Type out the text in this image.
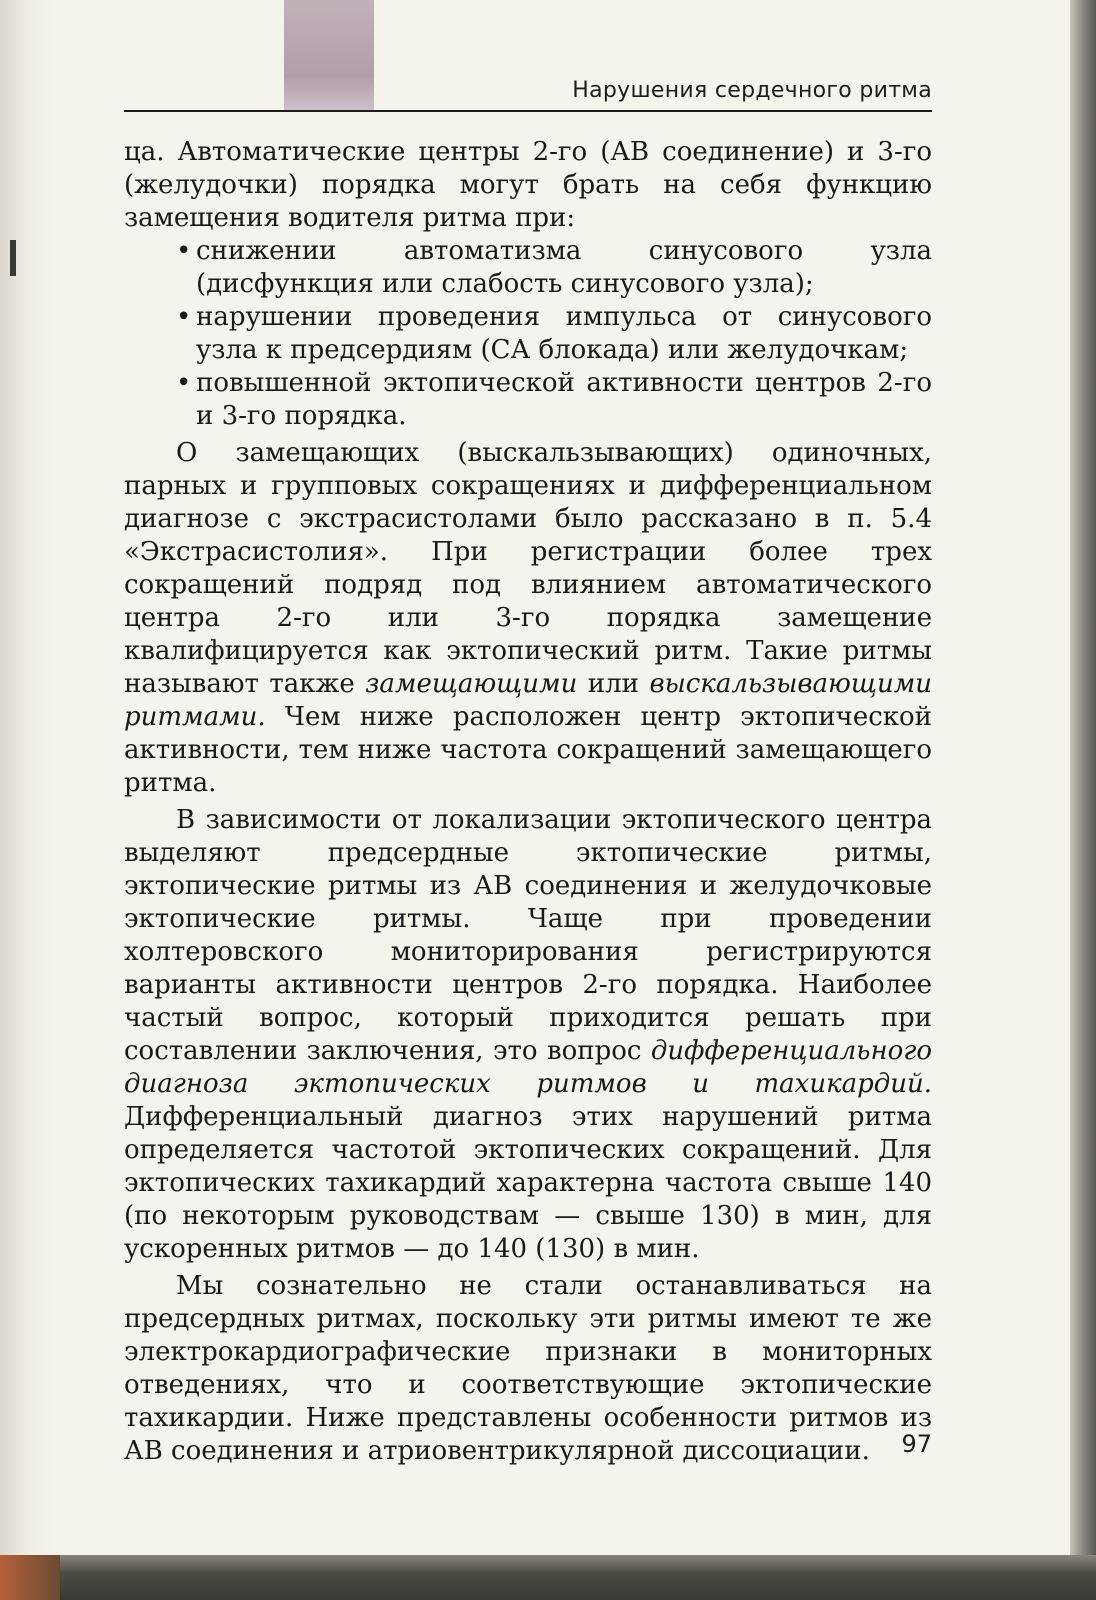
Нарушения сердечного ритма

ца. Автоматические центры 2-го (АВ соединение) и 3-го (желудочки) порядка могут брать на себя функцию замещения водителя ритма при:

• снижении автоматизма синусового узла (дисфункция или слабость синусового узла);
• нарушении проведения импульса от синусового узла к предсердиям (СА блокада) или желудочкам;
• повышенной эктопической активности центров 2-го и 3-го порядка.

О замещающих (выскальзывающих) одиночных, парных и групповых сокращениях и дифференциальном диагнозе с экстрасистолами было рассказано в п. 5.4 «Экстрасистолия». При регистрации более трех сокращений подряд под влиянием автоматического центра 2-го или 3-го порядка замещение квалифицируется как эктопический ритм. Такие ритмы называют также замещающими или выскальзывающими ритмами. Чем ниже расположен центр эктопической активности, тем ниже частота сокращений замещающего ритма.

В зависимости от локализации эктопического центра выделяют предсердные эктопические ритмы, эктопические ритмы из АВ соединения и желудочковые эктопические ритмы. Чаще при проведении холтеровского мониторирования регистрируются варианты активности центров 2-го порядка. Наиболее частый вопрос, который приходится решать при составлении заключения, это вопрос дифференциального диагноза эктопических ритмов и тахикардий. Дифференциальный диагноз этих нарушений ритма определяется частотой эктопических сокращений. Для эктопических тахикардий характерна частота свыше 140 (по некоторым руководствам — свыше 130) в мин, для ускоренных ритмов — до 140 (130) в мин.

Мы сознательно не стали останавливаться на предсердных ритмах, поскольку эти ритмы имеют те же электрокардиографические признаки в мониторных отведениях, что и соответствующие эктопические тахикардии. Ниже представлены особенности ритмов из АВ соединения и атриовентрикулярной диссоциации.	97
